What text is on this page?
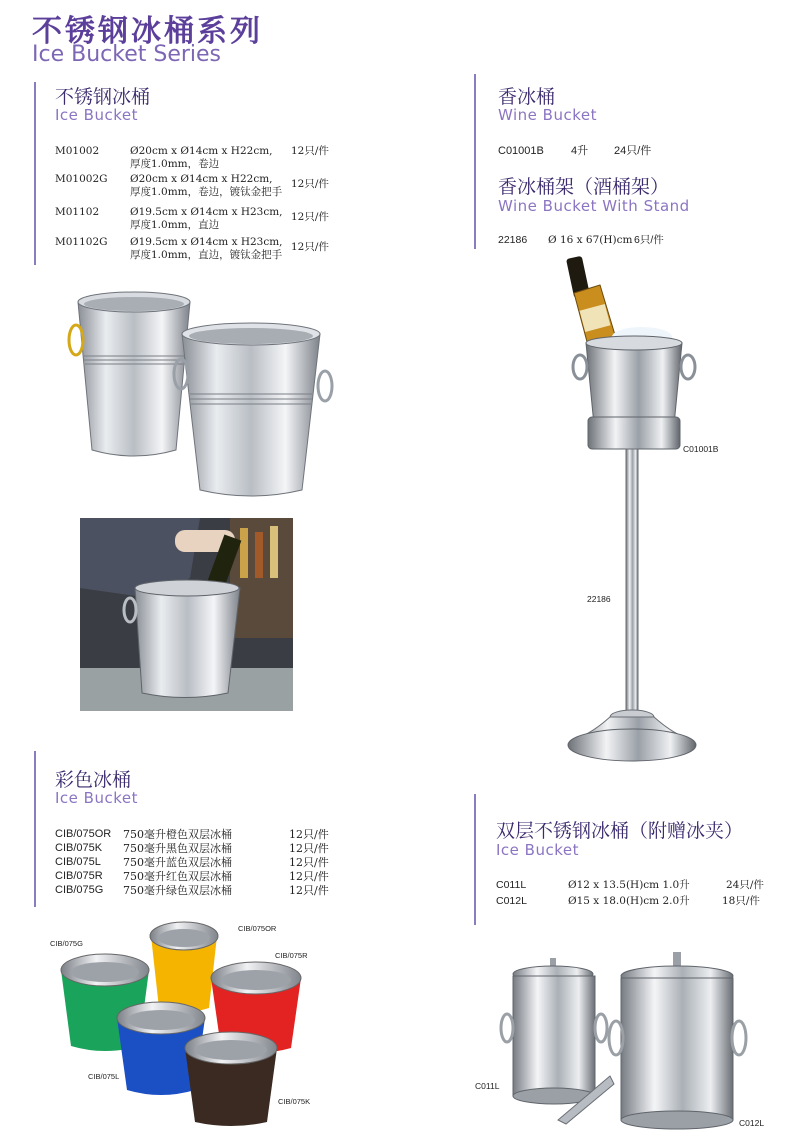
不锈钢冰桶系列
Ice Bucket Series
不锈钢冰桶
Ice Bucket
M01002	Ø20cm x Ø14cm x H22cm,
厚度1.0mm，卷边
12只/件
M01002G Ø20cm x Ø14cm x H22cm,
厚度1.0mm，卷边，镀钛金把手
12只/件
M01102	Ø19.5cm x Ø14cm x H23cm,
厚度1.0mm，直边
12只/件
M01102G Ø19.5cm x Ø14cm x H23cm,
厚度1.0mm，直边，镀钛金把手
12只/件
香冰桶
Wine Bucket
C01001B 4升 24只/件
香冰桶架（酒桶架）
Wine Bucket With Stand
22186 Ø 16 x 67(H)cm 6只/件
C01001B
22186
彩色冰桶
Ice Bucket
CIB/075OR 750毫升橙色双层冰桶	12只/件
CIB/075K 750毫升黑色双层冰桶	12只/件
CIB/075L 750毫升蓝色双层冰桶	12只/件
CIB/075R 750毫升红色双层冰桶	12只/件
CIB/075G 750毫升绿色双层冰桶	12只/件
CIB/075OR
CIB/075G
CIB/075R
CIB/075L
CIB/075K
双层不锈钢冰桶（附赠冰夹）
Ice Bucket
C011L	Ø12 x 13.5(H)cm 1.0升	24只/件
C012L	Ø15 x 18.0(H)cm 2.0升	18只/件
C011L
C012L
